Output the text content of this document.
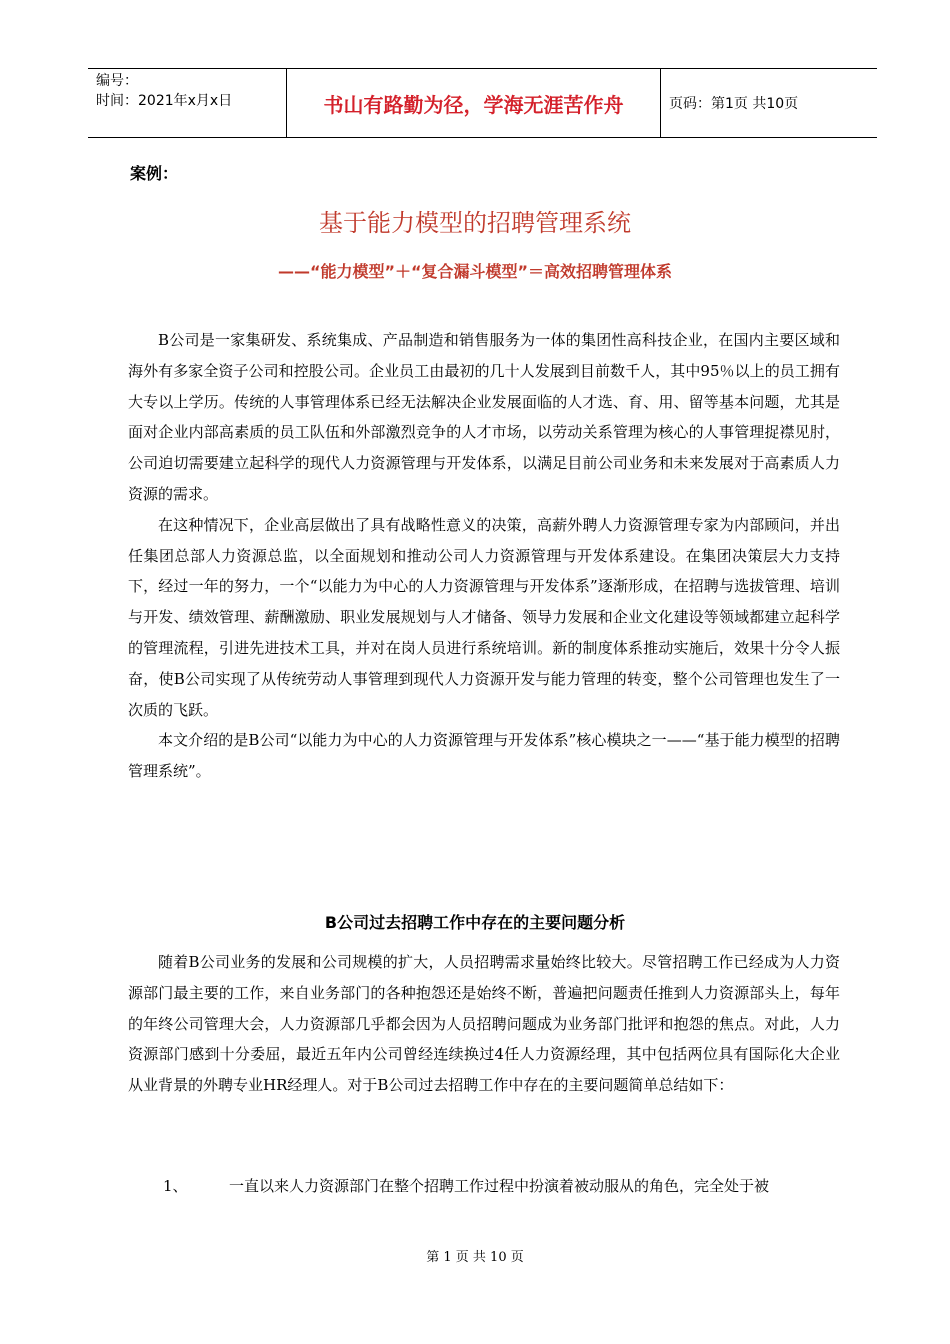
编号：
时间：2021年x月x日	书山有路勤为径，学海无涯苦作舟	页码：第1页 共10页
案例：
基于能力模型的招聘管理系统
——“能力模型”＋“复合漏斗模型”＝高效招聘管理体系

B公司是一家集研发、系统集成、产品制造和销售服务为一体的集团性高科技企业，在国内主要区域和海外有多家全资子公司和控股公司。企业员工由最初的几十人发展到目前数千人，其中95％以上的员工拥有大专以上学历。传统的人事管理体系已经无法解决企业发展面临的人才选、育、用、留等基本问题，尤其是面对企业内部高素质的员工队伍和外部激烈竞争的人才市场，以劳动关系管理为核心的人事管理捉襟见肘，公司迫切需要建立起科学的现代人力资源管理与开发体系，以满足目前公司业务和未来发展对于高素质人力资源的需求。

在这种情况下，企业高层做出了具有战略性意义的决策，高薪外聘人力资源管理专家为内部顾问，并出任集团总部人力资源总监，以全面规划和推动公司人力资源管理与开发体系建设。在集团决策层大力支持下，经过一年的努力，一个“以能力为中心的人力资源管理与开发体系”逐渐形成，在招聘与选拔管理、培训与开发、绩效管理、薪酬激励、职业发展规划与人才储备、领导力发展和企业文化建设等领域都建立起科学的管理流程，引进先进技术工具，并对在岗人员进行系统培训。新的制度体系推动实施后，效果十分令人振奋，使B公司实现了从传统劳动人事管理到现代人力资源开发与能力管理的转变，整个公司管理也发生了一次质的飞跃。

本文介绍的是B公司“以能力为中心的人力资源管理与开发体系”核心模块之一——“基于能力模型的招聘管理系统”。

B公司过去招聘工作中存在的主要问题分析

随着B公司业务的发展和公司规模的扩大，人员招聘需求量始终比较大。尽管招聘工作已经成为人力资源部门最主要的工作，来自业务部门的各种抱怨还是始终不断，普遍把问题责任推到人力资源部头上，每年的年终公司管理大会，人力资源部几乎都会因为人员招聘问题成为业务部门批评和抱怨的焦点。对此，人力资源部门感到十分委屈，最近五年内公司曾经连续换过4任人力资源经理，其中包括两位具有国际化大企业从业背景的外聘专业HR经理人。对于B公司过去招聘工作中存在的主要问题简单总结如下：

1、	一直以来人力资源部门在整个招聘工作过程中扮演着被动服从的角色，完全处于被
第 1 页 共 10 页
